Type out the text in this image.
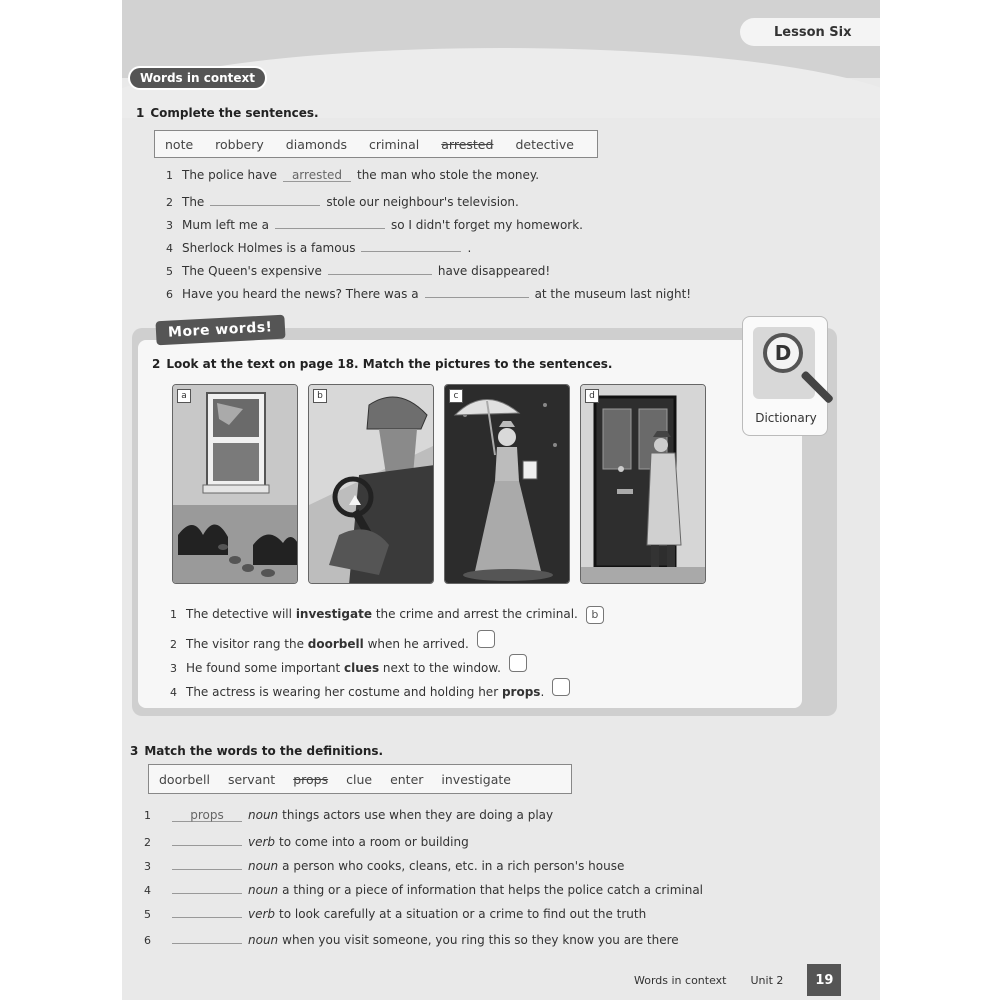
Lesson Six
Words in context
1 Complete the sentences.
note robbery diamonds criminal arrested detective
1 The police have	arrested	the man who stole the money.
2 The	stole our neighbour's television.
3 Mum left me a	so I didn't forget my homework.
4 Sherlock Holmes is a famous	.
5 The Queen's expensive	have disappeared!
6 Have you heard the news? There was a	at the museum last night!
More words!
D
Dictionary
2 Look at the text on page 18. Match the pictures to the sentences.
a	b	c	d
1 The detective will
investigate
the crime and arrest the criminal.	b
2 The visitor rang the
doorbell
when he arrived.
3 He found some important
clues
next to the window.
4 The actress is wearing her costume and holding her
props .
3 Match the words to the definitions.
doorbell servant props clue enter investigate
1	props	noun things actors use when they are doing a play
2	verb to come into a room or building
3	noun a person who cooks, cleans, etc. in a rich person's house
4	noun a thing or a piece of information that helps the police catch a criminal
5	verb to look carefully at a situation or a crime to find out the truth
6	noun when you visit someone, you ring this so they know you are there
Words in context Unit 2	19
